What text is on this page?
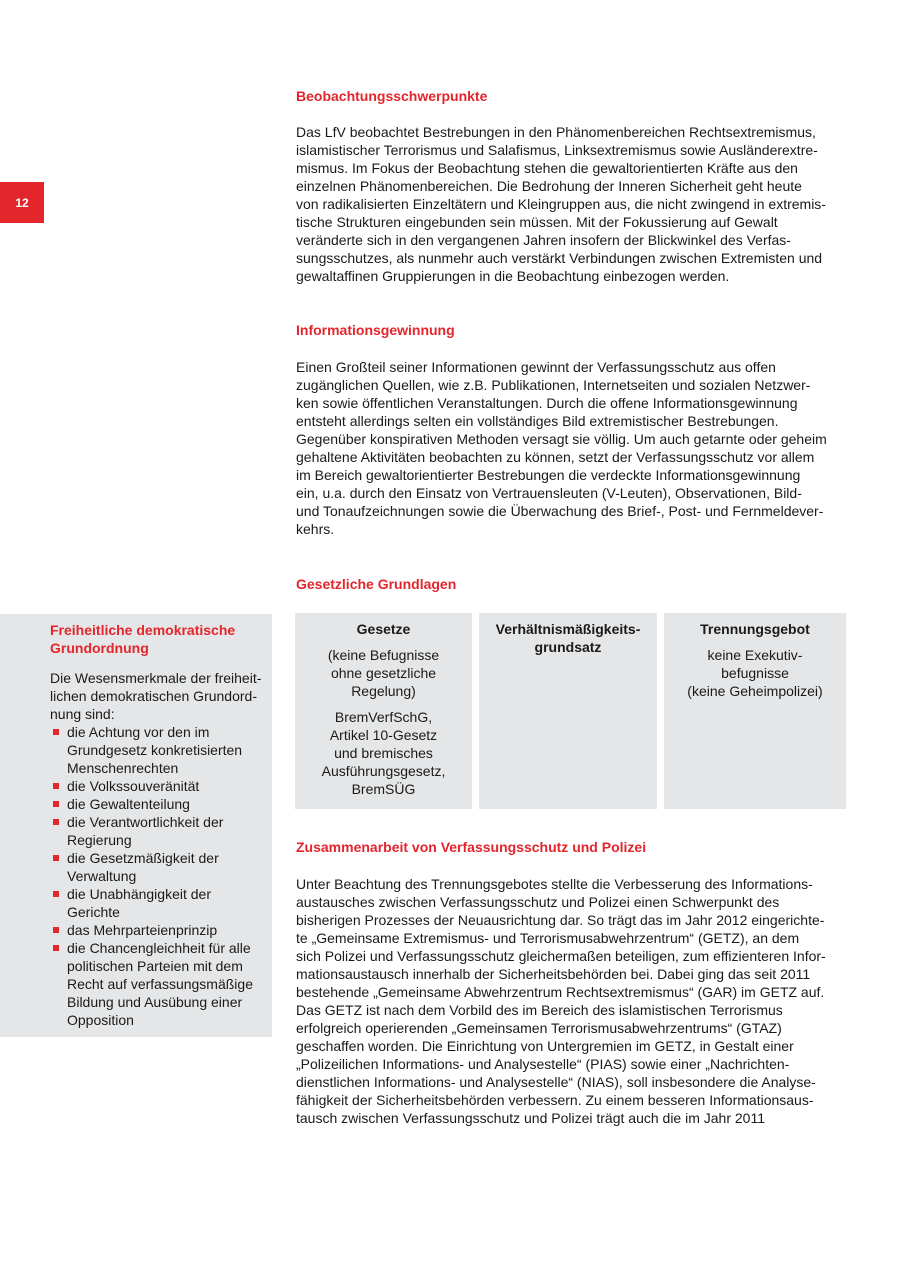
12
Beobachtungsschwerpunkte

Das LfV beobachtet Bestrebungen in den Phänomenbereichen Rechtsextremismus,
islamistischer Terrorismus und Salafismus, Linksextremismus sowie Ausländerextre-
mismus. Im Fokus der Beobachtung stehen die gewaltorientierten Kräfte aus den
einzelnen Phänomenbereichen. Die Bedrohung der Inneren Sicherheit geht heute
von radikalisierten Einzeltätern und Kleingruppen aus, die nicht zwingend in extremis-
tische Strukturen eingebunden sein müssen. Mit der Fokussierung auf Gewalt
veränderte sich in den vergangenen Jahren insofern der Blickwinkel des Verfas-
sungsschutzes, als nunmehr auch verstärkt Verbindungen zwischen Extremisten und
gewaltaffinen Gruppierungen in die Beobachtung einbezogen werden.

Informationsgewinnung

Einen Großteil seiner Informationen gewinnt der Verfassungsschutz aus offen
zugänglichen Quellen, wie z.B. Publikationen, Internetseiten und sozialen Netzwer-
ken sowie öffentlichen Veranstaltungen. Durch die offene Informationsgewinnung
entsteht allerdings selten ein vollständiges Bild extremistischer Bestrebungen.
Gegenüber konspirativen Methoden versagt sie völlig. Um auch getarnte oder geheim
gehaltene Aktivitäten beobachten zu können, setzt der Verfassungsschutz vor allem
im Bereich gewaltorientierter Bestrebungen die verdeckte Informationsgewinnung
ein, u.a. durch den Einsatz von Vertrauensleuten (V-Leuten), Observationen, Bild-
und Tonaufzeichnungen sowie die Überwachung des Brief-, Post- und Fernmeldever-
kehrs.

Gesetzliche Grundlagen

Freiheitliche demokratische
Grundordnung

Die Wesensmerkmale der freiheit-
lichen demokratischen Grundord-
nung sind:

die Achtung vor den im
Grundgesetz konkretisierten
Menschenrechten
die Volkssouveränität
die Gewaltenteilung
die Verantwortlichkeit der
Regierung
die Gesetzmäßigkeit der
Verwaltung
die Unabhängigkeit der
Gerichte
das Mehrparteienprinzip
die Chancengleichheit für alle
politischen Parteien mit dem
Recht auf verfassungsmäßige
Bildung und Ausübung einer
Opposition

Gesetze

(keine Befugnisse
ohne gesetzliche
Regelung)

BremVerfSchG,
Artikel 10-Gesetz
und bremisches
Ausführungsgesetz,
BremSÜG

Verhältnismäßigkeits-
grundsatz

Trennungsgebot

keine Exekutiv-
befugnisse
(keine Geheimpolizei)

Zusammenarbeit von Verfassungsschutz und Polizei

Unter Beachtung des Trennungsgebotes stellte die Verbesserung des Informations-
austausches zwischen Verfassungsschutz und Polizei einen Schwerpunkt des
bisherigen Prozesses der Neuausrichtung dar. So trägt das im Jahr 2012 eingerichte-
te „Gemeinsame Extremismus- und Terrorismusabwehrzentrum“ (GETZ), an dem
sich Polizei und Verfassungsschutz gleichermaßen beteiligen, zum effizienteren Infor-
mationsaustausch innerhalb der Sicherheitsbehörden bei. Dabei ging das seit 2011
bestehende „Gemeinsame Abwehrzentrum Rechtsextremismus“ (GAR) im GETZ auf.
Das GETZ ist nach dem Vorbild des im Bereich des islamistischen Terrorismus
erfolgreich operierenden „Gemeinsamen Terrorismusabwehrzentrums“ (GTAZ)
geschaffen worden. Die Einrichtung von Untergremien im GETZ, in Gestalt einer
„Polizeilichen Informations- und Analysestelle“ (PIAS) sowie einer „Nachrichten-
dienstlichen Informations- und Analysestelle“ (NIAS), soll insbesondere die Analyse-
fähigkeit der Sicherheitsbehörden verbessern. Zu einem besseren Informationsaus-
tausch zwischen Verfassungsschutz und Polizei trägt auch die im Jahr 2011
